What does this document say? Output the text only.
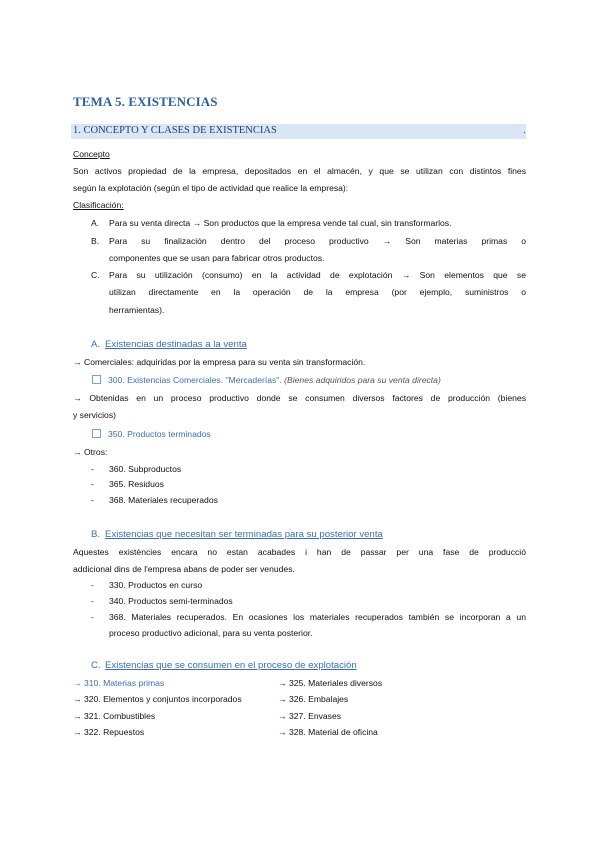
TEMA 5. EXISTENCIAS
1. CONCEPTO Y CLASES DE EXISTENCIAS	.
Concepto
Son activos propiedad de la empresa, depositados en el almacén, y que se utilizan con distintos fines
según la explotación (según el tipo de actividad que realice la empresa):
Clasificación:
A. Para su venta directa → Son productos que la empresa vende tal cual, sin transformarlos.
B. Para su finalización dentro del proceso productivo → Son materias primas o
componentes que se usan para fabricar otros productos.
C. Para su utilización (consumo) en la actividad de explotación → Son elementos que se
utilizan directamente en la operación de la empresa (por ejemplo, suministros o
herramientas).
A. Existencias destinadas a la venta
→ Comerciales: adquiridas por la empresa para su venta sin transformación.
300. Existencias Comerciales. "Mercaderías". (Bienes adquiridos para su venta directa)
→ Obtenidas en un proceso productivo donde se consumen diversos factores de producción (bienes
y servicios)
350. Productos terminados
→ Otros:
- 360. Subproductos
- 365. Residuos
- 368. Materiales recuperados
B. Existencias que necesitan ser terminadas para su posterior venta
Aquestes existències encara no estan acabades i han de passar per una fase de producció
addicional dins de l'empresa abans de poder ser venudes.
- 330. Productos en curso
- 340. Productos semi-terminados
- 368. Materiales recuperados. En ocasiones los materiales recuperados también se incorporan a un
proceso productivo adicional, para su venta posterior.
C. Existencias que se consumen en el proceso de explotación
→ 310. Materias primas
→ 320. Elementos y conjuntos incorporados
→ 321. Combustibles
→ 322. Repuestos
→ 325. Materiales diversos
→ 326. Embalajes
→ 327. Envases
→ 328. Material de oficina
